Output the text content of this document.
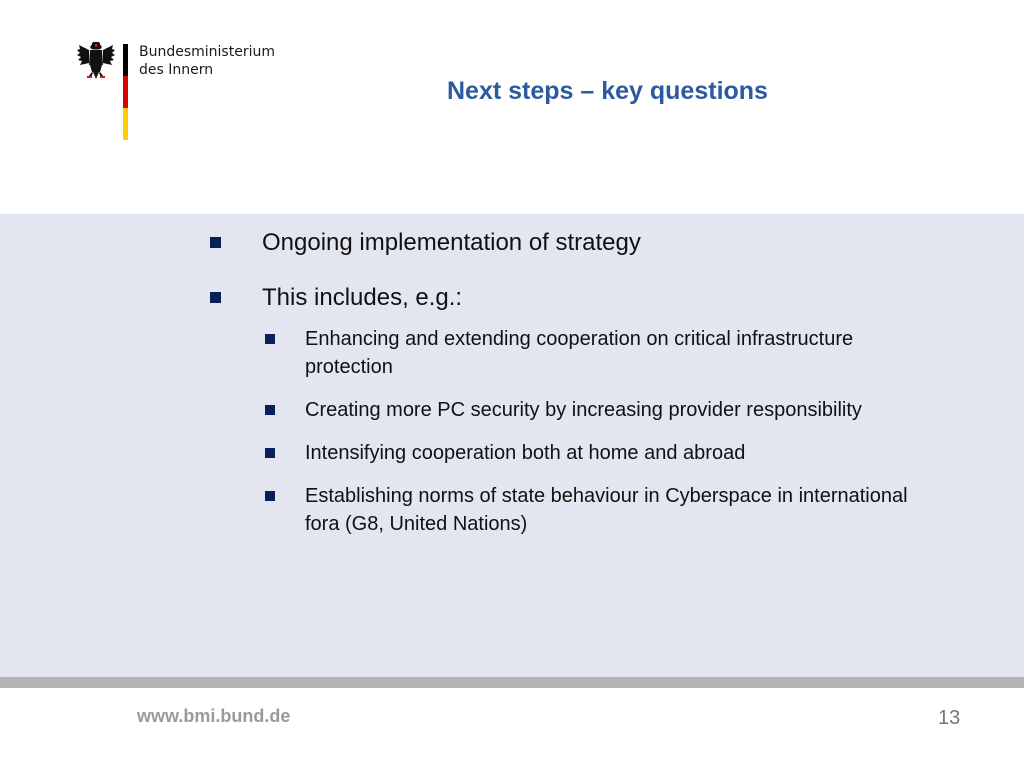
Bundesministerium
des Innern
Next steps – key questions
Ongoing implementation of strategy
This includes, e.g.:
Enhancing and extending cooperation on critical infrastructure protection
Creating more PC security by increasing provider responsibility
Intensifying cooperation both at home and abroad
Establishing norms of state behaviour in Cyberspace in international fora (G8, United Nations)
www.bmi.bund.de	13
